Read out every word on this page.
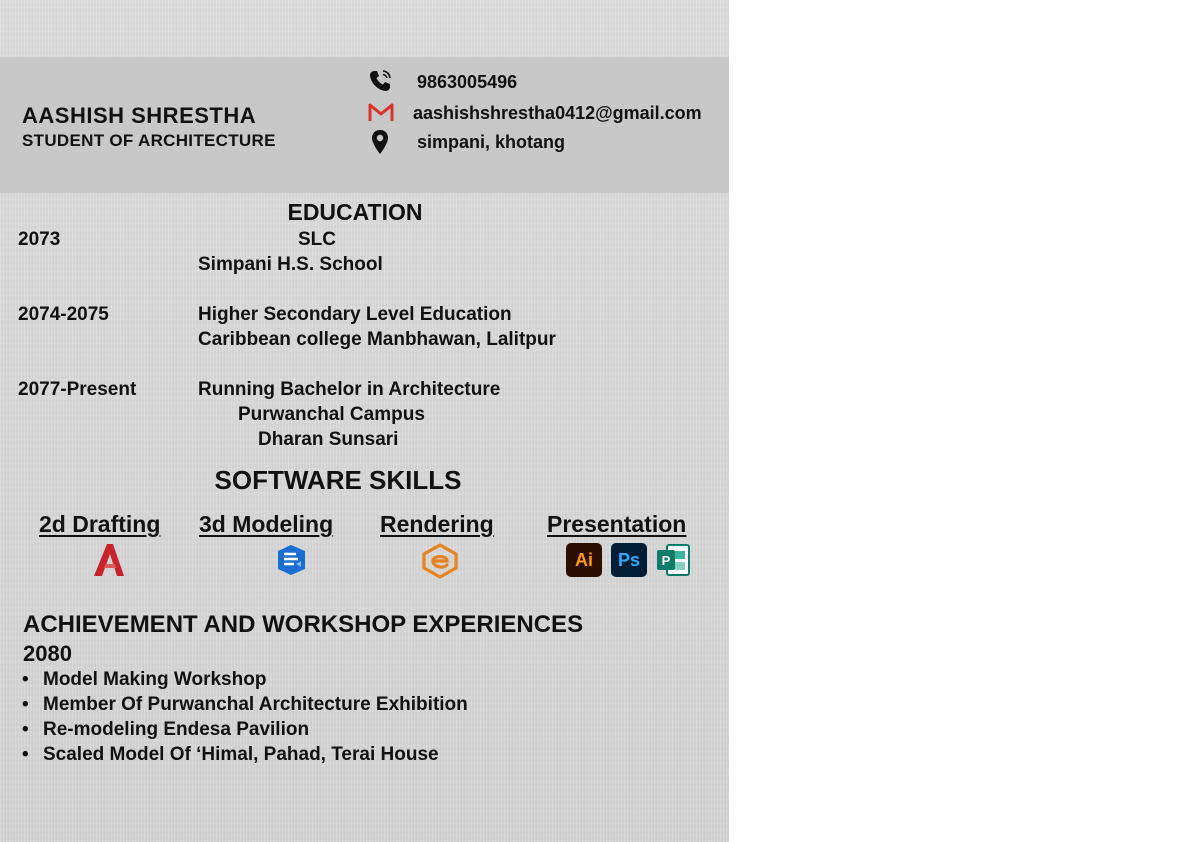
AASHISH SHRESTHA
STUDENT OF ARCHITECTURE
9863005496
aashishshrestha0412@gmail.com
simpani, khotang
EDUCATION
2073	SLC
Simpani H.S. School
2074-2075	Higher Secondary Level Education
Caribbean college Manbhawan, Lalitpur
2077-Present	Running Bachelor in Architecture
Purwanchal Campus
Dharan Sunsari
SOFTWARE SKILLS
2d Drafting 3d Modeling Rendering Presentation
Ai	Ps	P
ACHIEVEMENT AND WORKSHOP EXPERIENCES
2080
• Model Making Workshop
• Member Of Purwanchal Architecture Exhibition
• Re-modeling Endesa Pavilion
• Scaled Model Of ‘Himal, Pahad, Terai House
